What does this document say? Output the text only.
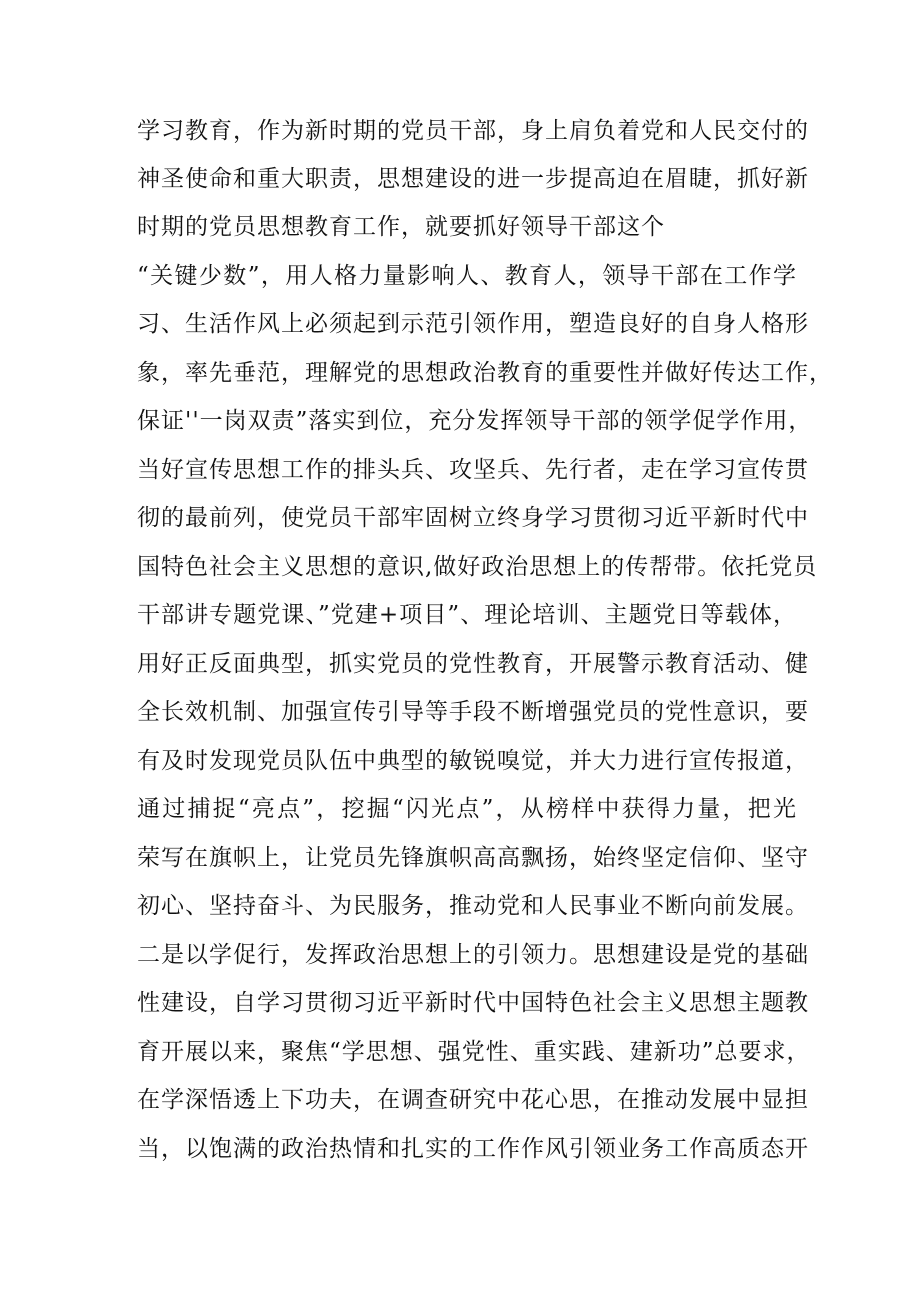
学习教育，作为新时期的党员干部，身上肩负着党和人民交付的
神圣使命和重大职责，思想建设的进一步提高迫在眉睫，抓好新
时期的党员思想教育工作，就要抓好领导干部这个
“关键少数”，用人格力量影响人、教育人，领导干部在工作学
习、生活作风上必须起到示范引领作用，塑造良好的自身人格形
象，率先垂范，理解党的思想政治教育的重要性并做好传达工作，
保证''一岗双责”落实到位，充分发挥领导干部的领学促学作用，
当好宣传思想工作的排头兵、攻坚兵、先行者，走在学习宣传贯
彻的最前列，使党员干部牢固树立终身学习贯彻习近平新时代中
国特色社会主义思想的意识,做好政治思想上的传帮带。依托党员
干部讲专题党课、”党建+项目”、理论培训、主题党日等载体，
用好正反面典型，抓实党员的党性教育，开展警示教育活动、健
全长效机制、加强宣传引导等手段不断增强党员的党性意识，要
有及时发现党员队伍中典型的敏锐嗅觉，并大力进行宣传报道，
通过捕捉“亮点”，挖掘“闪光点”，从榜样中获得力量，把光
荣写在旗帜上，让党员先锋旗帜高高飘扬，始终坚定信仰、坚守
初心、坚持奋斗、为民服务，推动党和人民事业不断向前发展。
二是以学促行，发挥政治思想上的引领力。思想建设是党的基础
性建设，自学习贯彻习近平新时代中国特色社会主义思想主题教
育开展以来，聚焦“学思想、强党性、重实践、建新功”总要求，
在学深悟透上下功夫，在调查研究中花心思，在推动发展中显担
当，以饱满的政治热情和扎实的工作作风引领业务工作高质态开
